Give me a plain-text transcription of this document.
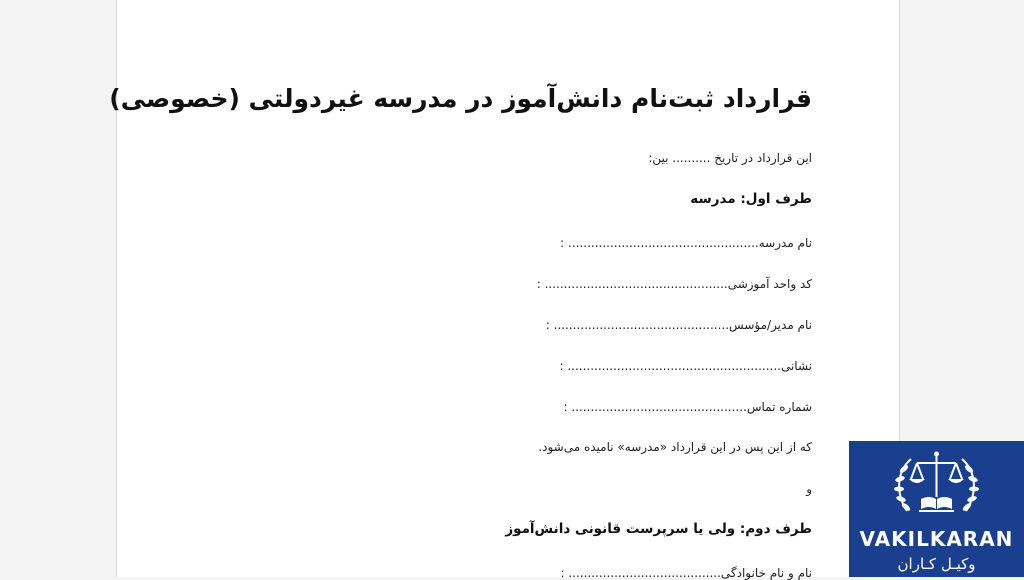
قرارداد ثبت‌نام دانش‌آموز در مدرسه غیردولتی (خصوصی)
این قرارداد در تاریخ .......... بین:
طرف اول: مدرسه
نام مدرسه.................................................. :
کد واحد آموزشی................................................ :
نام مدیر/مؤسس.............................................. :
نشانی........................................................ :
شماره تماس.............................................. :
که از این پس در این قرارداد «مدرسه» نامیده می‌شود.
و
طرف دوم: ولی یا سرپرست قانونی دانش‌آموز
نام و نام خانوادگی........................................ :
VAKILKARAN
وکیـل کـاران
